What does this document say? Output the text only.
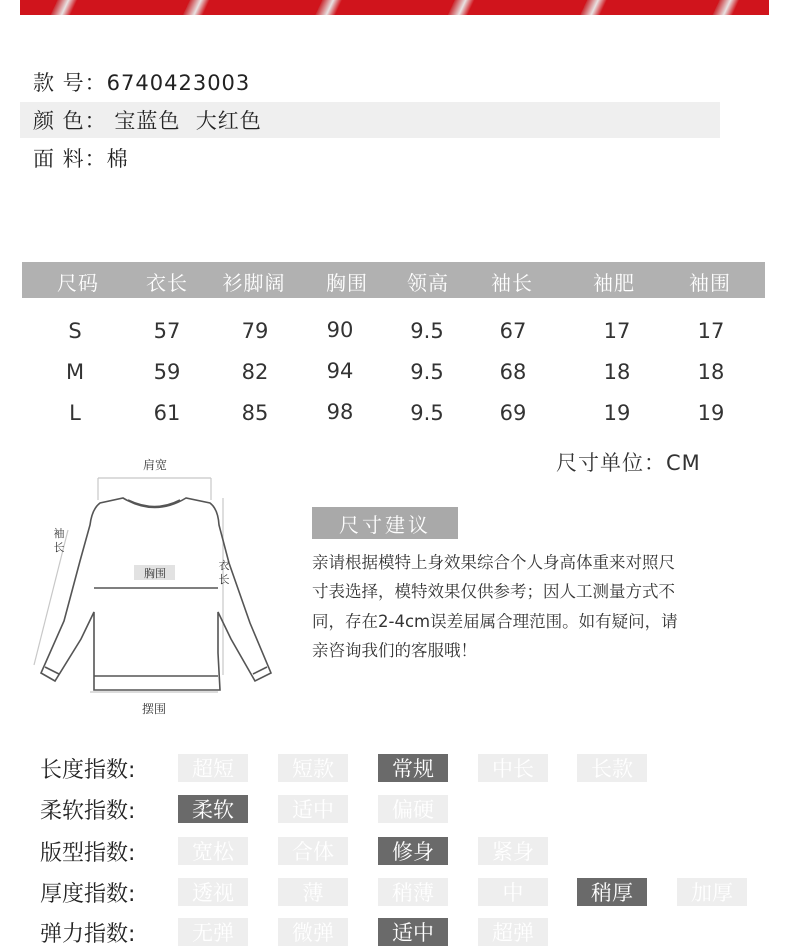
款 号：6740423003
颜 色： 宝蓝色  大红色
面 料：棉
尺码 衣长 衫脚阔 胸围 领高 袖长	袖肥	袖围
S	57	79	90	9.5	67	17	17
M	59	82	94	9.5	68	18	18
L	61	85	98	9.5	69	19	19
尺寸单位：CM
肩宽
胸围
袖
长
衣
长
摆围
尺寸建议
亲请根据模特上身效果综合个人身高体重来对照尺
寸表选择，模特效果仅供参考；因人工测量方式不
同，存在2-4cm误差届属合理范围。如有疑问，请
亲咨询我们的客服哦！
长度指数:	超短	短款	常规	中长	长款
柔软指数:	柔软	适中	偏硬
版型指数:	宽松	合体	修身	紧身
厚度指数:	透视	薄	稍薄	中	稍厚	加厚
弹力指数:	无弹	微弹	适中	超弹
